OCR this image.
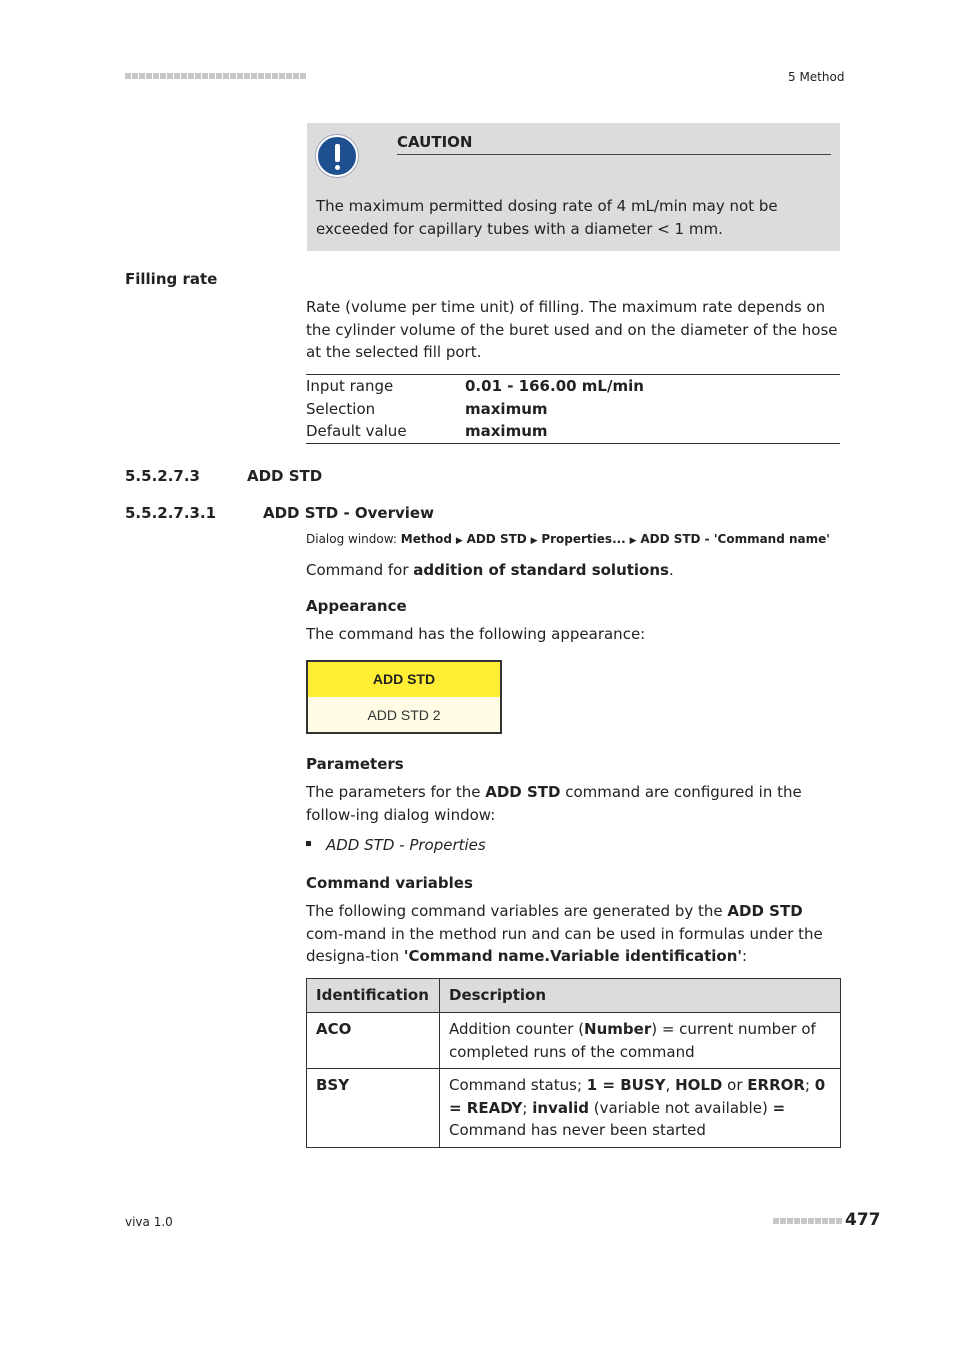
5 Method
CAUTION
The maximum permitted dosing rate of 4 mL/min may not be exceeded for capillary tubes with a diameter < 1 mm.
Filling rate
Rate (volume per time unit) of filling. The maximum rate depends on the cylinder volume of the buret used and on the diameter of the hose at the selected fill port.
Input range	0.01 - 166.00 mL/min
Selection	maximum
Default value	maximum
5.5.2.7.3	ADD STD
5.5.2.7.3.1	ADD STD - Overview
Dialog window: Method ▶ ADD STD ▶ Properties... ▶ ADD STD - 'Command name'
Command for addition of standard solutions.
Appearance
The command has the following appearance:
ADD STD
ADD STD 2
Parameters
The parameters for the ADD STD command are configured in the follow-ing dialog window:
ADD STD - Properties
Command variables
The following command variables are generated by the ADD STD com-mand in the method run and can be used in formulas under the designa-tion 'Command name.Variable identification':
Identification	Description
ACO	Addition counter (Number) = current number of completed runs of the command
BSY	Command status; 1 = BUSY, HOLD or ERROR; 0 = READY; invalid (variable not available) = Command has never been started
viva 1.0	477
